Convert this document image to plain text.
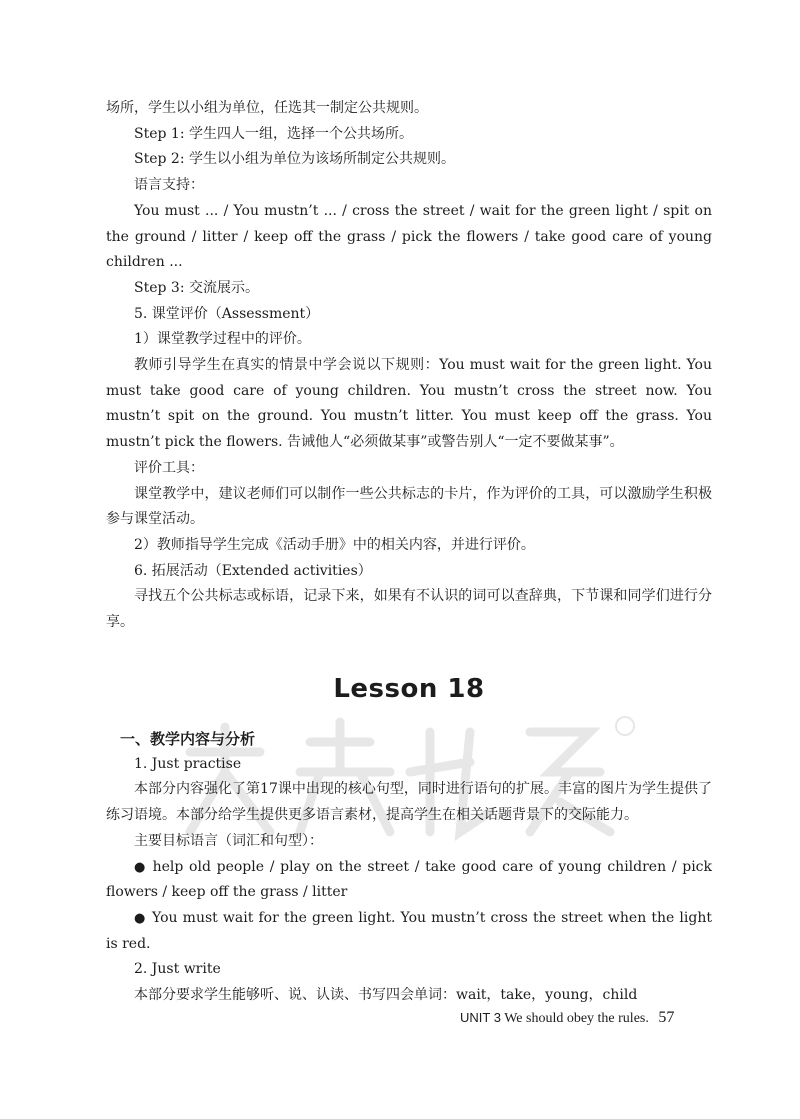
场所，学生以小组为单位，任选其一制定公共规则。

Step 1: 学生四人一组，选择一个公共场所。

Step 2: 学生以小组为单位为该场所制定公共规则。

语言支持：

You must ... / You mustn’t ... / cross the street / wait for the green light / spit on the ground / litter / keep off the grass / pick the flowers / take good care of young children ...

Step 3: 交流展示。

5. 课堂评价（Assessment）

1）课堂教学过程中的评价。

教师引导学生在真实的情景中学会说以下规则：You must wait for the green light. You must take good care of young children. You mustn’t cross the street now. You mustn’t spit on the ground. You mustn’t litter. You must keep off the grass. You mustn’t pick the flowers. 告诫他人“必须做某事”或警告别人“一定不要做某事”。

评价工具：

课堂教学中，建议老师们可以制作一些公共标志的卡片，作为评价的工具，可以激励学生积极参与课堂活动。

2）教师指导学生完成《活动手册》中的相关内容，并进行评价。

6. 拓展活动（Extended activities）

寻找五个公共标志或标语，记录下来，如果有不认识的词可以查辞典，下节课和同学们进行分享。

Lesson 18

一、教学内容与分析

1. Just practise

本部分内容强化了第17课中出现的核心句型，同时进行语句的扩展。丰富的图片为学生提供了练习语境。本部分给学生提供更多语言素材，提高学生在相关话题背景下的交际能力。

主要目标语言（词汇和句型）：

● help old people / play on the street / take good care of young children / pick flowers / keep off the grass / litter

● You must wait for the green light. You mustn’t cross the street when the light is red.

2. Just write

本部分要求学生能够听、说、认读、书写四会单词：wait，take，young，child

UNIT 3 We should obey the rules. 57
